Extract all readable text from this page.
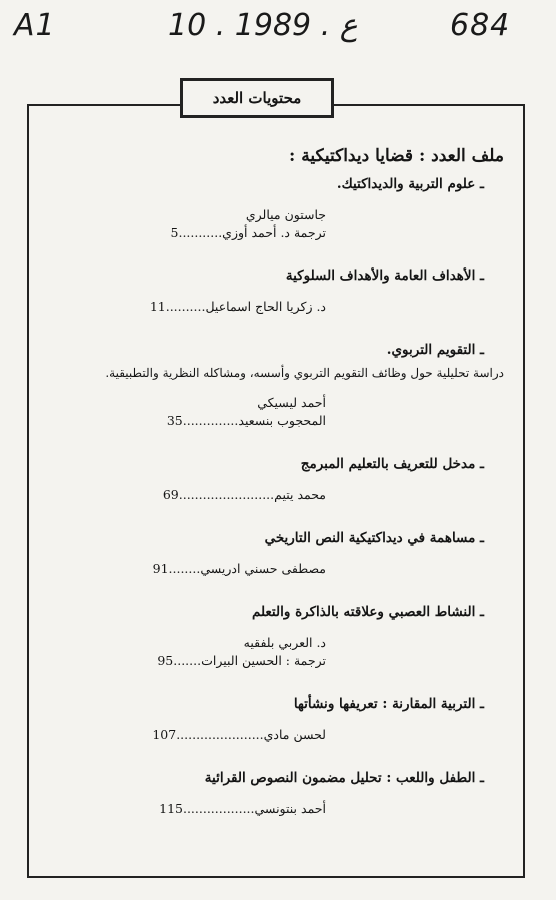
A1	10 . ع . 1989	684
محتويات العدد
ملف العدد : قضايا ديداكتيكية :
ـ علوم التربية والديداكتيك.
جاستون ميالري
ترجمة د. أحمد أوزي...........5
ـ الأهداف العامة والأهداف السلوكية
د. زكريا الحاج اسماعيل..........11
ـ التقويم التربوي.
دراسة تحليلية حول وظائف التقويم التربوي وأسسه، ومشاكله النظرية والتطبيقية.
أحمد ليسيكي
المحجوب بنسعيد..............35
ـ مدخل للتعريف بالتعليم المبرمج
محمد يتيم........................69
ـ مساهمة في ديداكتيكية النص التاريخي
مصطفى حسني ادريسي........91
ـ النشاط العصبي وعلاقته بالذاكرة والتعلم
د. العربي بلفقيه
ترجمة : الحسين البيرات.......95
ـ التربية المقارنة : تعريفها ونشأتها
لحسن مادي......................107
ـ الطفل واللعب : تحليل مضمون النصوص القرائية
أحمد بنتونسي..................115
